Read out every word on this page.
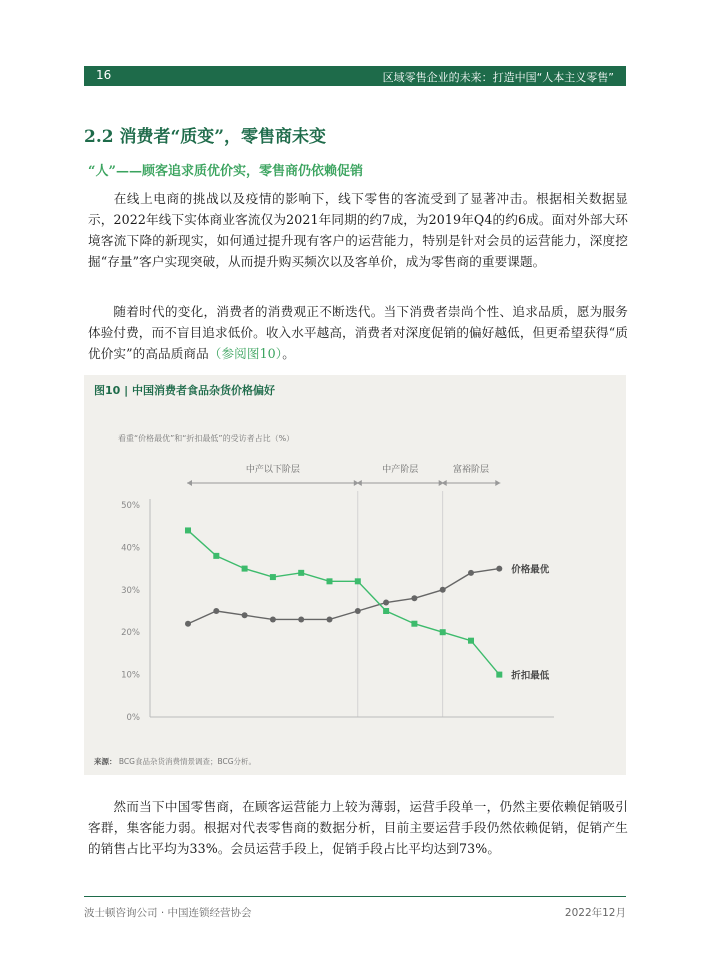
16	区域零售企业的未来：打造中国“人本主义零售”
2.2 消费者“质变”，零售商未变
“人”——顾客追求质优价实，零售商仍依赖促销

在线上电商的挑战以及疫情的影响下，线下零售的客流受到了显著冲击。根据相关数据显示，2022年线下实体商业客流仅为2021年同期的约7成，为2019年Q4的约6成。面对外部大环境客流下降的新现实，如何通过提升现有客户的运营能力，特别是针对会员的运营能力，深度挖掘“存量”客户实现突破，从而提升购买频次以及客单价，成为零售商的重要课题。

随着时代的变化，消费者的消费观正不断迭代。当下消费者崇尚个性、追求品质，愿为服务体验付费，而不盲目追求低价。收入水平越高，消费者对深度促销的偏好越低，但更希望获得“质优价实”的高品质商品（参阅图10）。

图10 | 中国消费者食品杂货价格偏好
看重“价格最优”和“折扣最低”的受访者占比（%）
中产以下阶层	中产阶层	富裕阶层
0%
10%
20%
30%
40%
50%
价格最优
折扣最低
来源： BCG食品杂货消费情景调查；BCG分析。

然而当下中国零售商，在顾客运营能力上较为薄弱，运营手段单一，仍然主要依赖促销吸引客群，集客能力弱。根据对代表零售商的数据分析，目前主要运营手段仍然依赖促销，促销产生的销售占比平均为33%。会员运营手段上，促销手段占比平均达到73%。

波士顿咨询公司 · 中国连锁经营协会	2022年12月
